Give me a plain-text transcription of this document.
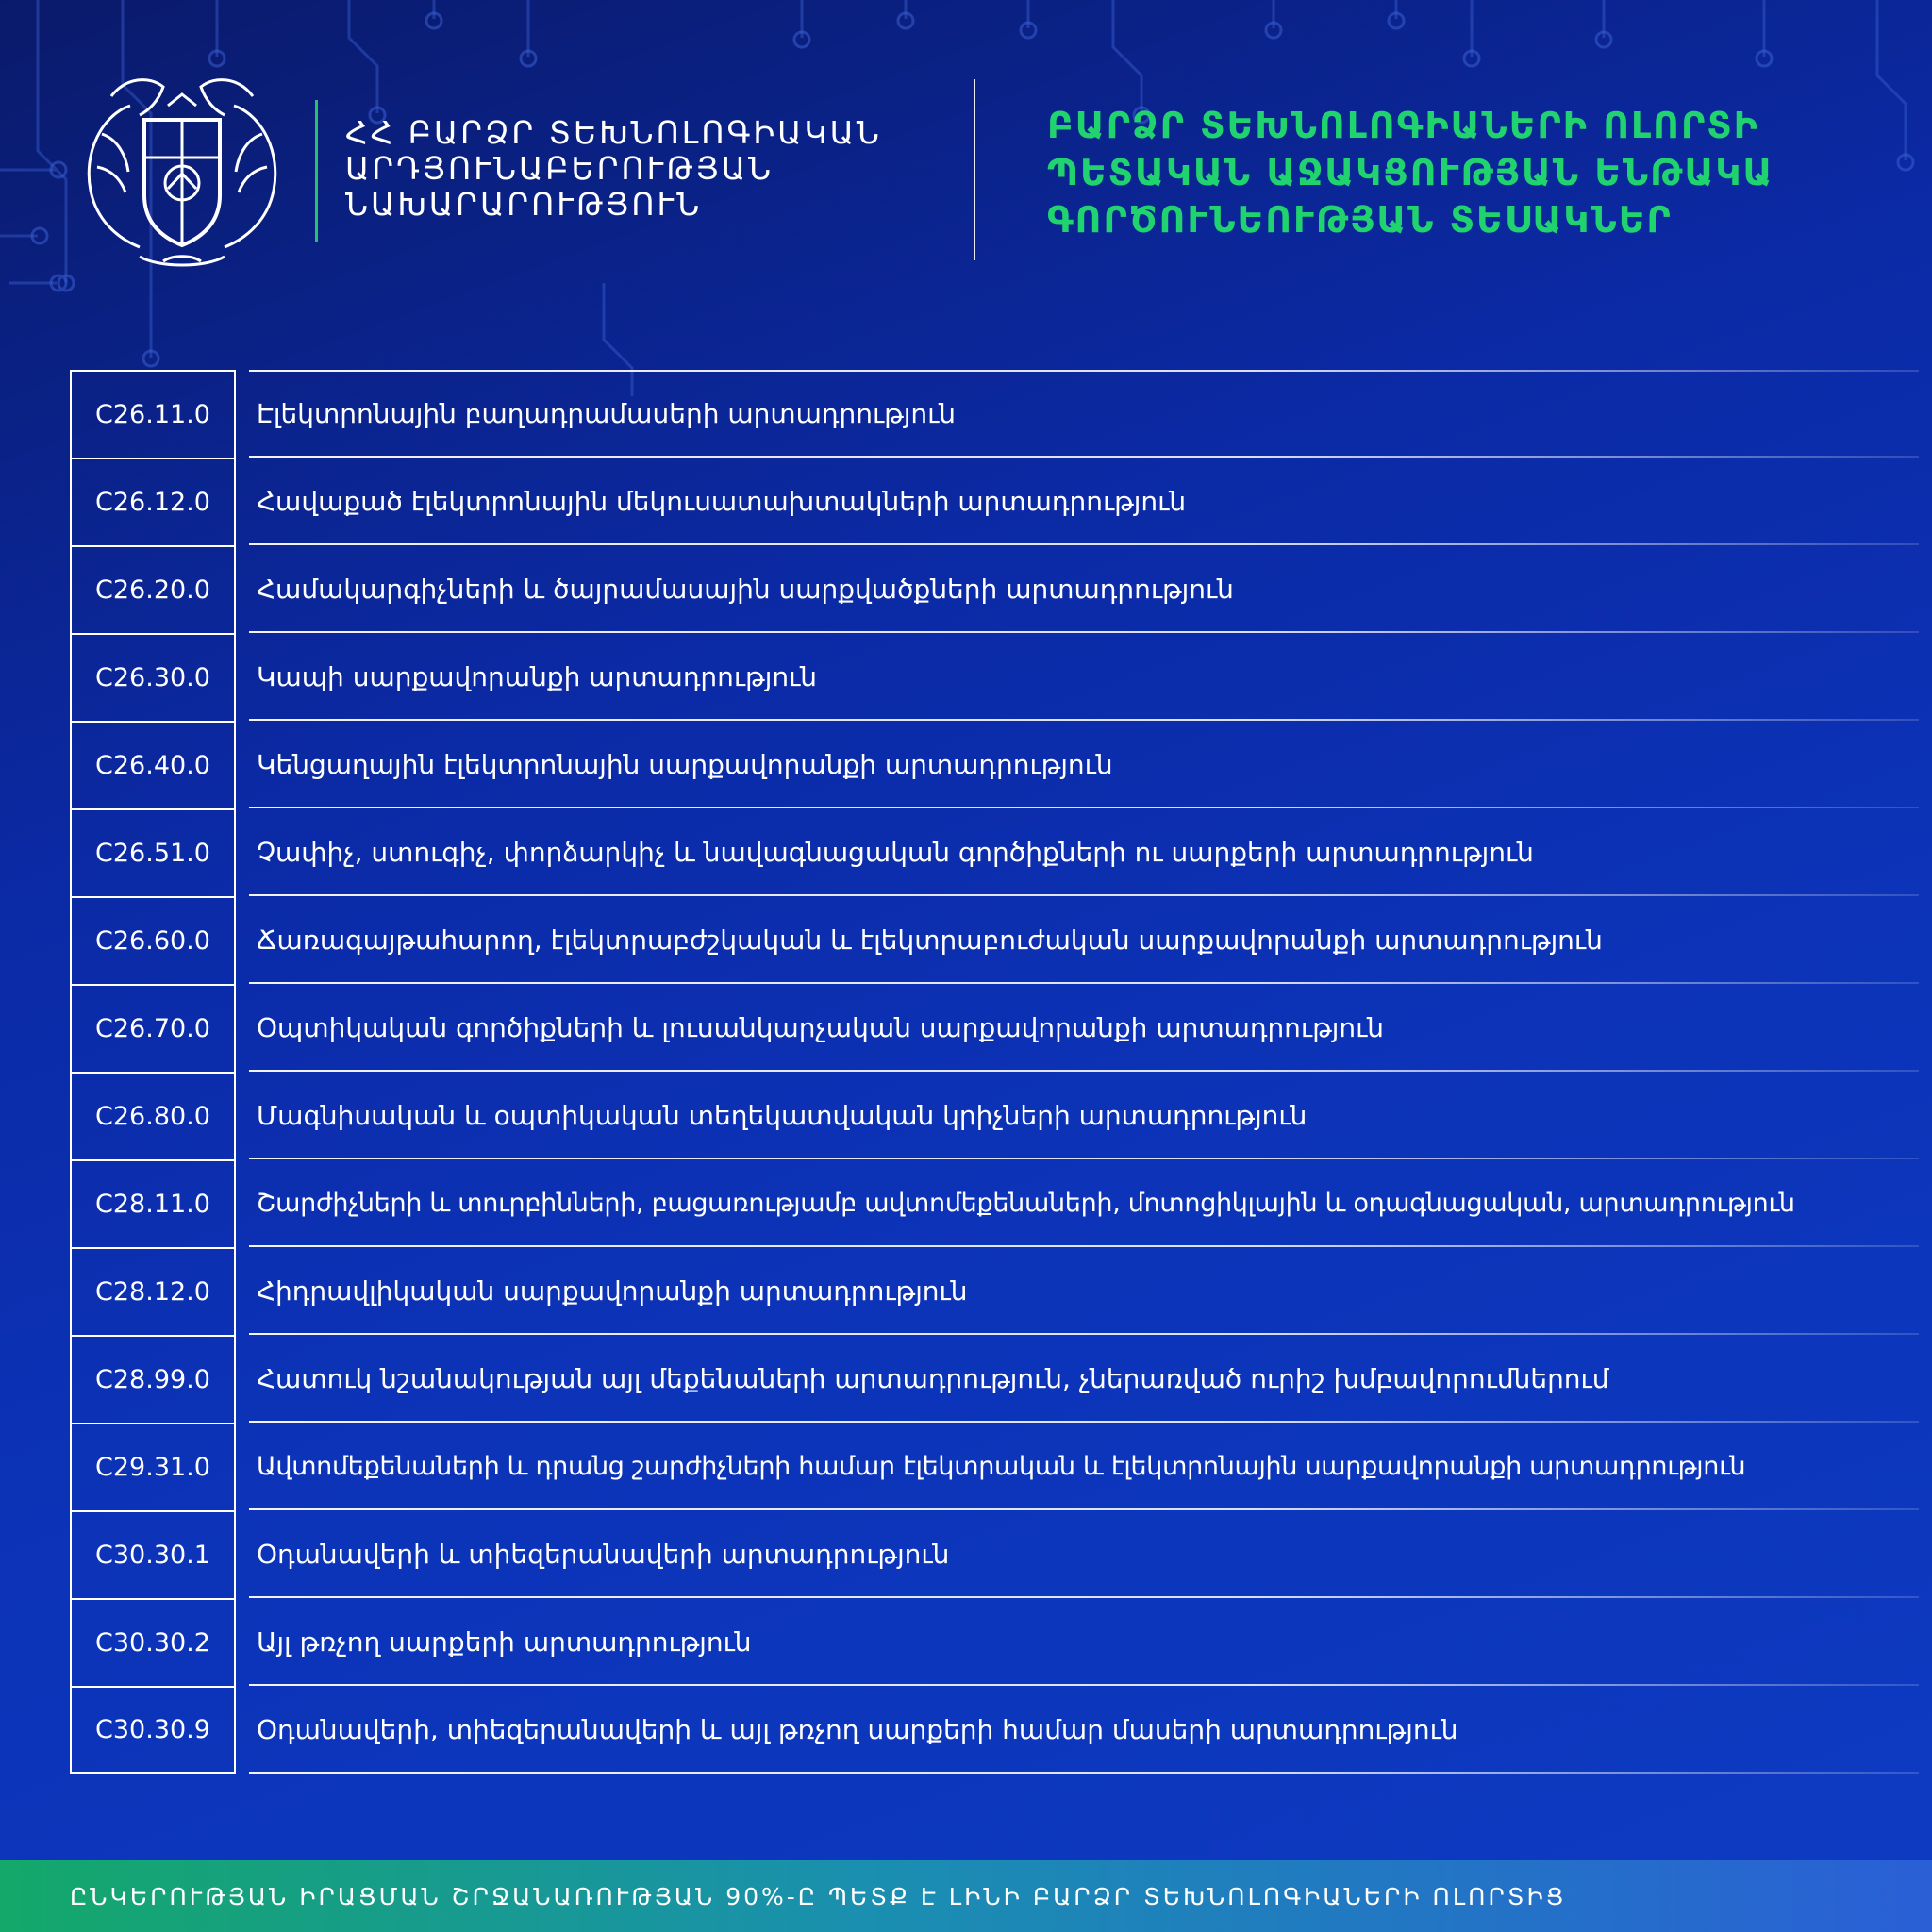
ՀՀ ԲԱՐՁՐ ՏԵԽՆՈԼՈԳԻԱԿԱՆ
ԱՐԴՅՈՒՆԱԲԵՐՈՒԹՅԱՆ
ՆԱԽԱՐԱՐՈՒԹՅՈՒՆ
ԲԱՐՁՐ ՏԵԽՆՈԼՈԳԻԱՆԵՐԻ ՈԼՈՐՏԻ
ՊԵՏԱԿԱՆ ԱՋԱԿՑՈՒԹՅԱՆ ԵՆԹԱԿԱ
ԳՈՐԾՈՒՆԵՈՒԹՅԱՆ ՏԵՍԱԿՆԵՐ
C26.11.0	Էլեկտրոնային բաղադրամասերի արտադրություն
C26.12.0	Հավաքած էլեկտրոնային մեկուսատախտակների արտադրություն
C26.20.0	Համակարգիչների և ծայրամասային սարքվածքների արտադրություն
C26.30.0	Կապի սարքավորանքի արտադրություն
C26.40.0	Կենցաղային էլեկտրոնային սարքավորանքի արտադրություն
C26.51.0	Չափիչ, ստուգիչ, փորձարկիչ և նավագնացական գործիքների ու սարքերի արտադրություն
C26.60.0	Ճառագայթահարող, էլեկտրաբժշկական և էլեկտրաբուժական սարքավորանքի արտադրություն
C26.70.0	Օպտիկական գործիքների և լուսանկարչական սարքավորանքի արտադրություն
C26.80.0	Մագնիսական և օպտիկական տեղեկատվական կրիչների արտադրություն
C28.11.0	Շարժիչների և տուրբինների, բացառությամբ ավտոմեքենաների, մոտոցիկլային և օդագնացական, արտադրություն
C28.12.0	Հիդրավլիկական սարքավորանքի արտադրություն
C28.99.0	Հատուկ նշանակության այլ մեքենաների արտադրություն, չներառված ուրիշ խմբավորումներում
C29.31.0	Ավտոմեքենաների և դրանց շարժիչների համար էլեկտրական և էլեկտրոնային սարքավորանքի արտադրություն
C30.30.1	Օդանավերի և տիեզերանավերի արտադրություն
C30.30.2	Այլ թռչող սարքերի արտադրություն
C30.30.9	Օդանավերի, տիեզերանավերի և այլ թռչող սարքերի համար մասերի արտադրություն
ԸՆԿԵՐՈՒԹՅԱՆ ԻՐԱՑՄԱՆ ՇՐՋԱՆԱՌՈՒԹՅԱՆ 90%-Ը ՊԵՏՔ Է ԼԻՆԻ ԲԱՐՁՐ ՏԵԽՆՈԼՈԳԻԱՆԵՐԻ ՈԼՈՐՏԻՑ
